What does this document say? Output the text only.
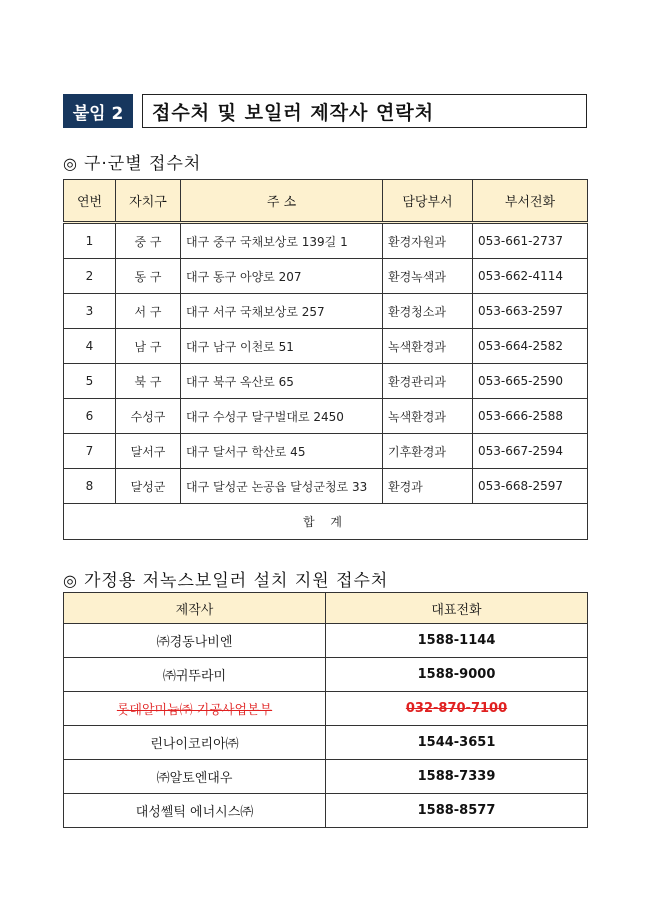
붙임 2	접수처 및 보일러 제작사 연락처
◎ 구·군별 접수처
연번	자치구	주 소	담당부서	부서전화
1	중 구	대구 중구 국채보상로 139길 1	환경자원과	053-661-2737
2	동 구	대구 동구 아양로 207	환경녹색과	053-662-4114
3	서 구	대구 서구 국채보상로 257	환경청소과	053-663-2597
4	남 구	대구 남구 이천로 51	녹색환경과	053-664-2582
5	북 구	대구 북구 옥산로 65	환경관리과	053-665-2590
6	수성구	대구 수성구 달구벌대로 2450	녹색환경과	053-666-2588
7	달서구	대구 달서구 학산로 45	기후환경과	053-667-2594
8	달성군	대구 달성군 논공읍 달성군청로 33	환경과	053-668-2597
합 계				
◎ 가정용 저녹스보일러 설치 지원 접수처
제작사	대표전화
㈜경동나비엔	1588-1144
㈜귀뚜라미	1588-9000
롯데알미늄㈜ 기공사업본부	032-870-7100
린나이코리아㈜	1544-3651
㈜알토엔대우	1588-7339
대성쎌틱 에너시스㈜	1588-8577
